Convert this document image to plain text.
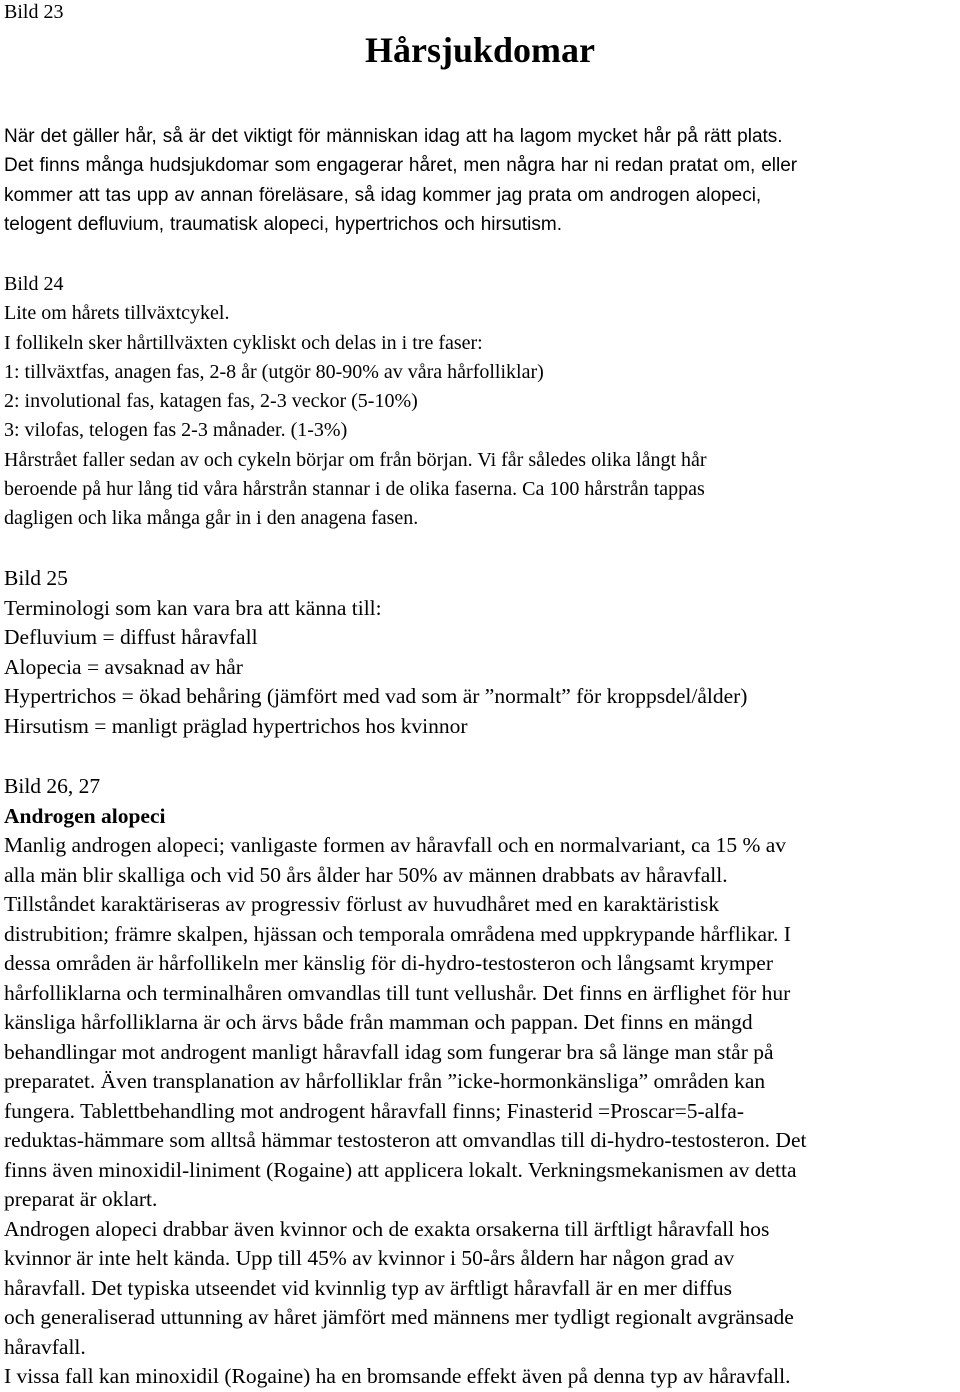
Bild 23
Hårsjukdomar
När det gäller hår, så är det viktigt för människan idag att ha lagom mycket hår på rätt plats.
Det finns många hudsjukdomar som engagerar håret, men några har ni redan pratat om, eller
kommer att tas upp av annan föreläsare, så idag kommer jag prata om androgen alopeci,
telogent defluvium, traumatisk alopeci, hypertrichos och hirsutism.
Bild 24
Lite om hårets tillväxtcykel.
I follikeln sker hårtillväxten cykliskt och delas in i tre faser:
1: tillväxtfas, anagen fas, 2-8 år (utgör 80-90% av våra hårfolliklar)
2: involutional fas, katagen fas, 2-3 veckor (5-10%)
3: vilofas, telogen fas 2-3 månader. (1-3%)
Hårstrået faller sedan av och cykeln börjar om från början. Vi får således olika långt hår
beroende på hur lång tid våra hårstrån stannar i de olika faserna. Ca 100 hårstrån tappas
dagligen och lika många går in i den anagena fasen.
Bild 25
Terminologi som kan vara bra att känna till:
Defluvium = diffust håravfall
Alopecia = avsaknad av hår
Hypertrichos = ökad behåring (jämfört med vad som är ”normalt” för kroppsdel/ålder)
Hirsutism = manligt präglad hypertrichos hos kvinnor
Bild 26, 27
Androgen alopeci
Manlig androgen alopeci; vanligaste formen av håravfall och en normalvariant, ca 15 % av
alla män blir skalliga och vid 50 års ålder har 50% av männen drabbats av håravfall.
Tillståndet karaktäriseras av progressiv förlust av huvudhåret med en karaktäristisk
distrubition; främre skalpen, hjässan och temporala områdena med uppkrypande hårflikar. I
dessa områden är hårfollikeln mer känslig för di-hydro-testosteron och långsamt krymper
hårfolliklarna och terminalhåren omvandlas till tunt vellushår. Det finns en ärflighet för hur
känsliga hårfolliklarna är och ärvs både från mamman och pappan. Det finns en mängd
behandlingar mot androgent manligt håravfall idag som fungerar bra så länge man står på
preparatet. Även transplanation av hårfolliklar från ”icke-hormonkänsliga” områden kan
fungera. Tablettbehandling mot androgent håravfall finns; Finasterid =Proscar=5-alfa-
reduktas-hämmare som alltså hämmar testosteron att omvandlas till di-hydro-testosteron. Det
finns även minoxidil-liniment (Rogaine) att applicera lokalt. Verkningsmekanismen av detta
preparat är oklart.
Androgen alopeci drabbar även kvinnor och de exakta orsakerna till ärftligt håravfall hos
kvinnor är inte helt kända. Upp till 45% av kvinnor i 50-års åldern har någon grad av
håravfall. Det typiska utseendet vid kvinnlig typ av ärftligt håravfall är en mer diffus
och generaliserad uttunning av håret jämfört med männens mer tydligt regionalt avgränsade
håravfall.
I vissa fall kan minoxidil (Rogaine) ha en bromsande effekt även på denna typ av håravfall.
